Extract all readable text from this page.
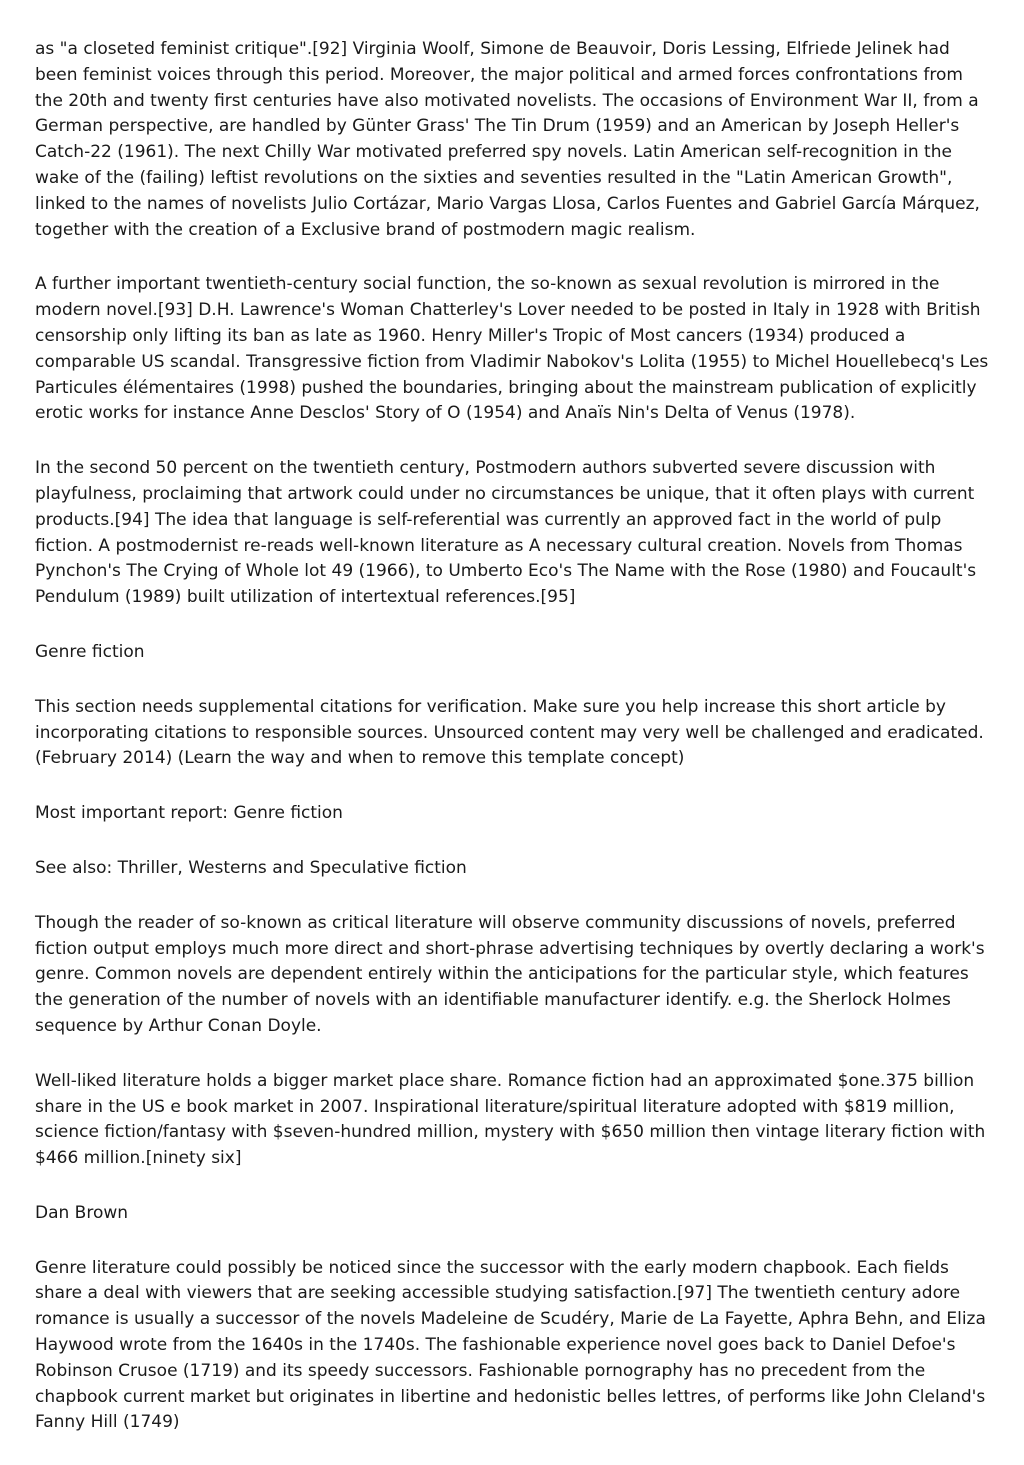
as "a closeted feminist critique".[92] Virginia Woolf, Simone de Beauvoir, Doris Lessing, Elfriede Jelinek had been feminist voices through this period. Moreover, the major political and armed forces confrontations from the 20th and twenty first centuries have also motivated novelists. The occasions of Environment War II, from a German perspective, are handled by Günter Grass' The Tin Drum (1959) and an American by Joseph Heller's Catch-22 (1961). The next Chilly War motivated preferred spy novels. Latin American self-recognition in the wake of the (failing) leftist revolutions on the sixties and seventies resulted in the "Latin American Growth", linked to the names of novelists Julio Cortázar, Mario Vargas Llosa, Carlos Fuentes and Gabriel García Márquez, together with the creation of a Exclusive brand of postmodern magic realism.

A further important twentieth-century social function, the so-known as sexual revolution is mirrored in the modern novel.[93] D.H. Lawrence's Woman Chatterley's Lover needed to be posted in Italy in 1928 with British censorship only lifting its ban as late as 1960. Henry Miller's Tropic of Most cancers (1934) produced a comparable US scandal. Transgressive fiction from Vladimir Nabokov's Lolita (1955) to Michel Houellebecq's Les Particules élémentaires (1998) pushed the boundaries, bringing about the mainstream publication of explicitly erotic works for instance Anne Desclos' Story of O (1954) and Anaïs Nin's Delta of Venus (1978).

In the second 50 percent on the twentieth century, Postmodern authors subverted severe discussion with playfulness, proclaiming that artwork could under no circumstances be unique, that it often plays with current products.[94] The idea that language is self-referential was currently an approved fact in the world of pulp fiction. A postmodernist re-reads well-known literature as A necessary cultural creation. Novels from Thomas Pynchon's The Crying of Whole lot 49 (1966), to Umberto Eco's The Name with the Rose (1980) and Foucault's Pendulum (1989) built utilization of intertextual references.[95]

Genre fiction

This section needs supplemental citations for verification. Make sure you help increase this short article by incorporating citations to responsible sources. Unsourced content may very well be challenged and eradicated. (February 2014) (Learn the way and when to remove this template concept)

Most important report: Genre fiction

See also: Thriller, Westerns and Speculative fiction

Though the reader of so-known as critical literature will observe community discussions of novels, preferred fiction output employs much more direct and short-phrase advertising techniques by overtly declaring a work's genre. Common novels are dependent entirely within the anticipations for the particular style, which features the generation of the number of novels with an identifiable manufacturer identify. e.g. the Sherlock Holmes sequence by Arthur Conan Doyle.

Well-liked literature holds a bigger market place share. Romance fiction had an approximated $one.375 billion share in the US e book market in 2007. Inspirational literature/spiritual literature adopted with $819 million, science fiction/fantasy with $seven-hundred million, mystery with $650 million then vintage literary fiction with $466 million.[ninety six]

Dan Brown

Genre literature could possibly be noticed since the successor with the early modern chapbook. Each fields share a deal with viewers that are seeking accessible studying satisfaction.[97] The twentieth century adore romance is usually a successor of the novels Madeleine de Scudéry, Marie de La Fayette, Aphra Behn, and Eliza Haywood wrote from the 1640s in the 1740s. The fashionable experience novel goes back to Daniel Defoe's Robinson Crusoe (1719) and its speedy successors. Fashionable pornography has no precedent from the chapbook current market but originates in libertine and hedonistic belles lettres, of performs like John Cleland's Fanny Hill (1749)
